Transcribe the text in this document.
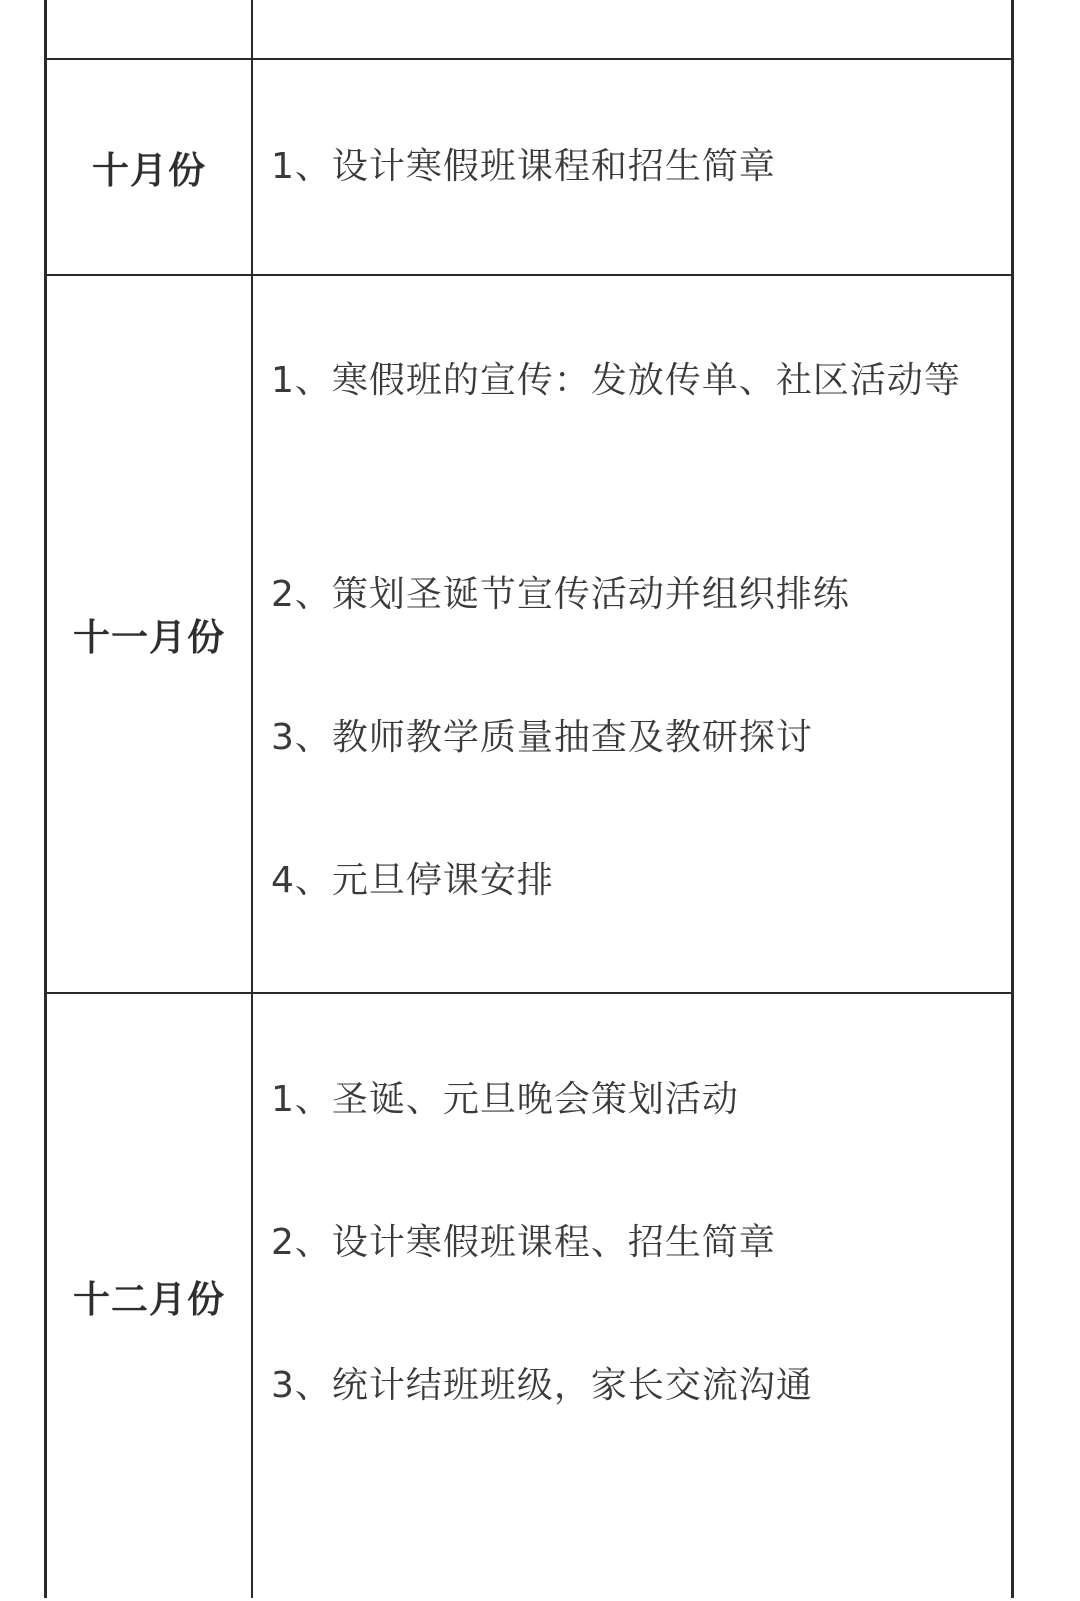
十月份	1、设计寒假班课程和招生简章
十一月份
1、寒假班的宣传：发放传单、社区活动等
2、策划圣诞节宣传活动并组织排练
3、教师教学质量抽查及教研探讨
4、元旦停课安排
十二月份
1、圣诞、元旦晚会策划活动
2、设计寒假班课程、招生简章
3、统计结班班级，家长交流沟通
